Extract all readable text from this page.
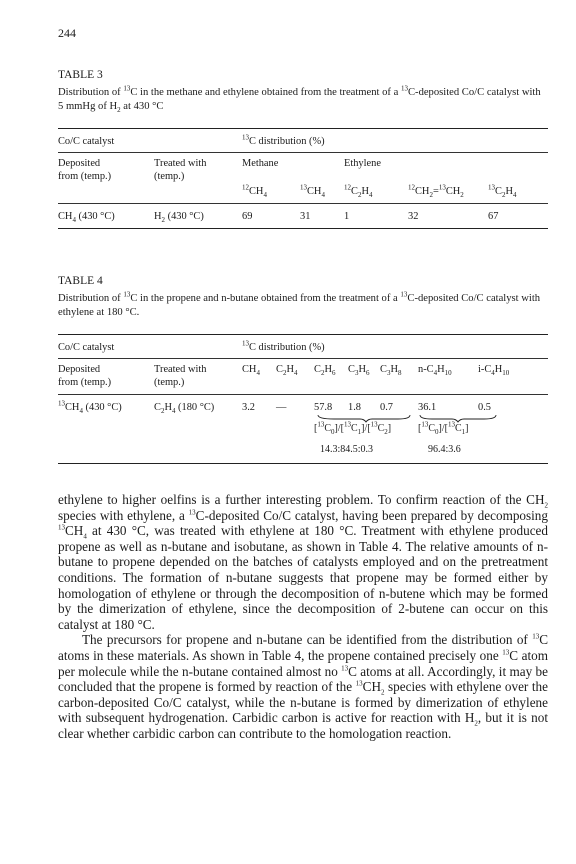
244
TABLE 3
Distribution of $^{13}$C in the methane and ethylene obtained from the treatment of a $^{13}$C-deposited Co/C catalyst with 5 mmHg of $H_2$ at 430 °C
Co/C catalyst		$^{13}$C distribution (%)				
Deposited
from (temp.)	Treated with
(temp.)	Methane		Ethylene		
		$^{12}CH_4$	$^{13}CH_4$	$^{12}C_2H_4$	$^{12}CH_2=^{13}CH_2$	$^{13}C_2H_4$
$CH_4$ (430 °C)	$H_2$ (430 °C)	69	31	1	32	67
TABLE 4
Distribution of $^{13}$C in the propene and n-butane obtained from the treatment of a $^{13}$C-deposited Co/C catalyst with ethylene at 180 °C.
Co/C catalyst		$^{13}$C distribution (%)						
Deposited
from (temp.)	Treated with
(temp.)	$CH_4$	$C_2H_4$	$C_2H_6$	$C_3H_6$	$C_3H_8$	$n-C_4H_{10}$	$i-C_4H_{10}$
$^{13}CH_4$ (430 °C)	$C_2H_4$ (180 °C)	3.2	—	57.8	1.8	0.7	36.1	0.5

				$[^{13}C_0]/[^{13}C_1]/[^{13}C_2]$			$[^{13}C_0]/[^{13}C_1]$	
				14.3:84.5:0.3			96.4:3.6	

ethylene to higher oelfins is a further interesting problem. To confirm reaction of the $CH_2$ species with ethylene, a $^{13}$C-deposited Co/C catalyst, having been prepared by decomposing $^{13}CH_4$ at 430 °C, was treated with ethylene at 180 °C. Treatment with ethylene produced propene as well as n-butane and isobutane, as shown in Table 4. The relative amounts of n-butane to propene depended on the batches of catalysts employed and on the pretreatment conditions. The formation of n-butane suggests that propene may be formed either by homologation of ethylene or through the decomposition of n-butene which may be formed by the dimerization of ethylene, since the decomposition of 2-butene can occur on this catalyst at 180 °C.

The precursors for propene and n-butane can be identified from the distribution of $^{13}$C atoms in these materials. As shown in Table 4, the propene contained precisely one $^{13}$C atom per molecule while the n-butane contained almost no $^{13}$C atoms at all. Accordingly, it may be concluded that the propene is formed by reaction of the $^{13}CH_2$ species with ethylene over the carbon-deposited Co/C catalyst, while the n-butane is formed by dimerization of ethylene with subsequent hydrogenation. Carbidic carbon is active for reaction with $H_2$, but it is not clear whether carbidic carbon can contribute to the homologation reaction.
